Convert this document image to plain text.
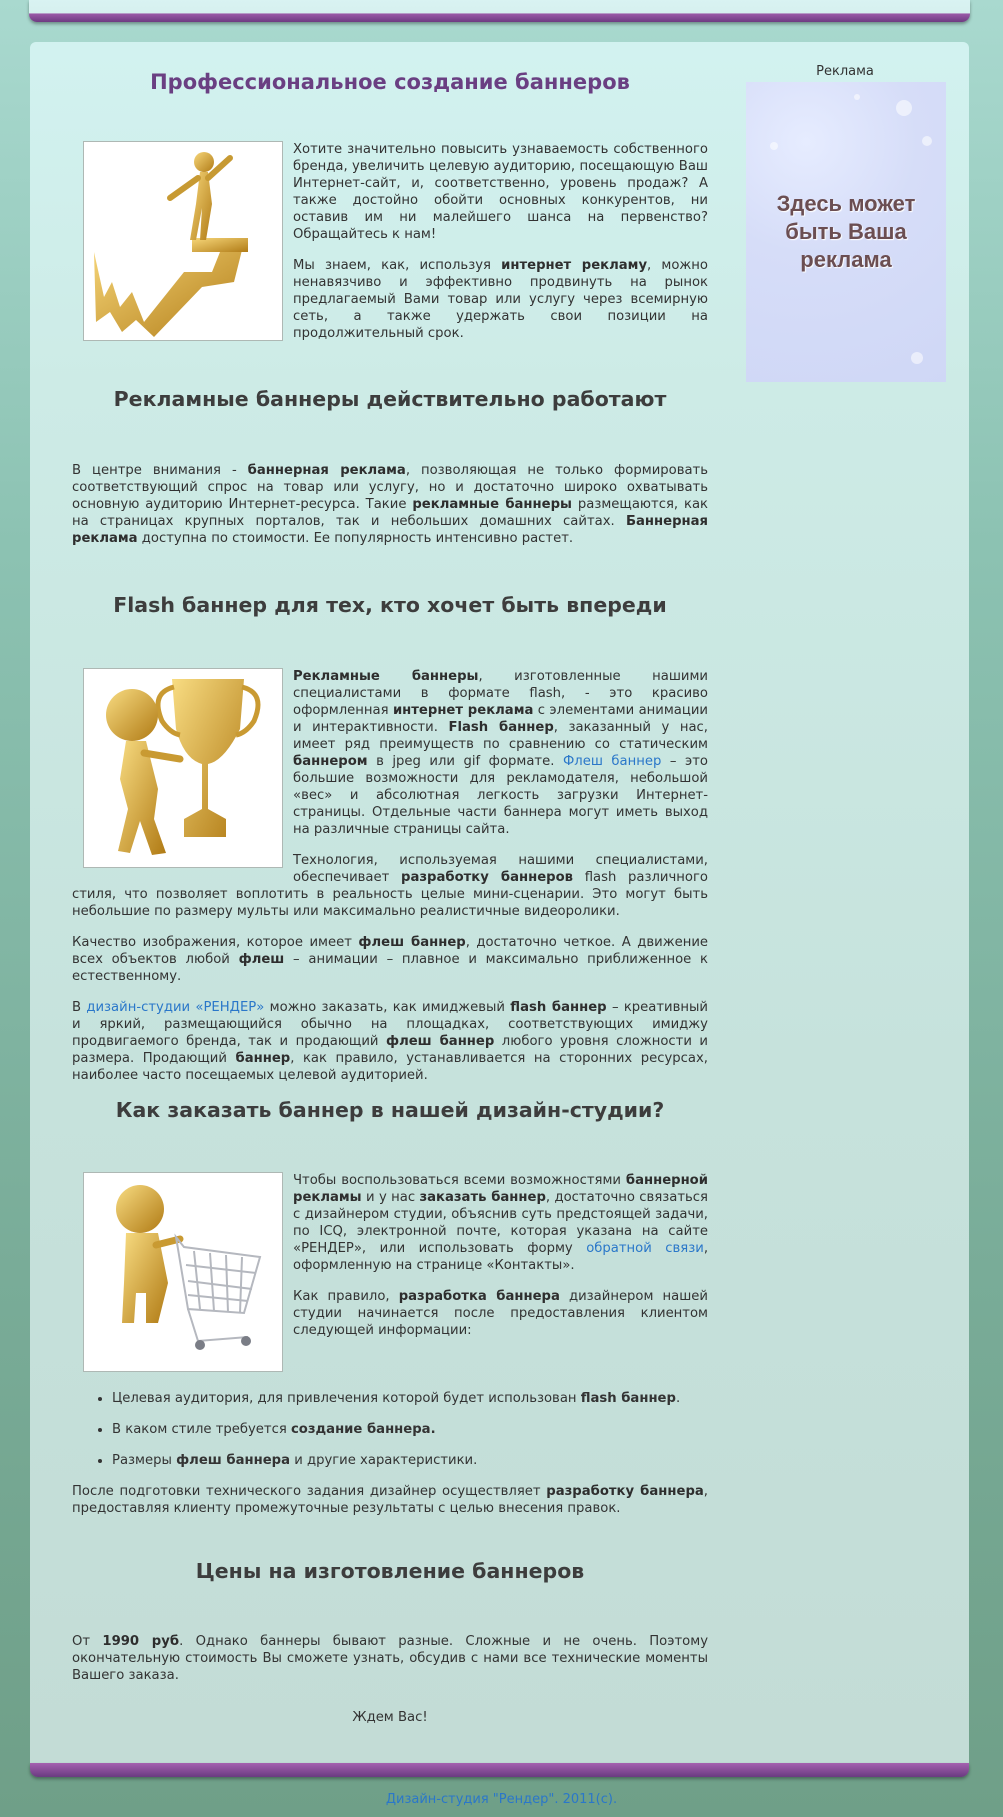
Реклама
Здесь может быть Ваша реклама
Профессиональное создание баннеров

Хотите значительно повысить узнаваемость собственного бренда, увеличить целевую аудиторию, посещающую Ваш Интернет-сайт, и, соответственно, уровень продаж? А также достойно обойти основных конкурентов, ни оставив им ни малейшего шанса на первенство? Обращайтесь к нам!

Мы знаем, как, используя интернет рекламу, можно ненавязчиво и эффективно продвинуть на рынок предлагаемый Вами товар или услугу через всемирную сеть, а также удержать свои позиции на продолжительный срок.

Рекламные баннеры действительно работают

В центре внимания - баннерная реклама, позволяющая не только формировать соответствующий спрос на товар или услугу, но и достаточно широко охватывать основную аудиторию Интернет-ресурса. Такие рекламные баннеры размещаются, как на страницах крупных порталов, так и небольших домашних сайтах. Баннерная реклама доступна по стоимости. Ее популярность интенсивно растет.

Flash баннер для тех, кто хочет быть впереди

Рекламные баннеры, изготовленные нашими специалистами в формате flash, - это красиво оформленная интернет реклама с элементами анимации и интерактивности. Flash баннер, заказанный у нас, имеет ряд преимуществ по сравнению со статическим баннером в jpeg или gif формате. Флеш баннер – это большие возможности для рекламодателя, небольшой «вес» и абсолютная легкость загрузки Интернет-страницы. Отдельные части баннера могут иметь выход на различные страницы сайта.

Технология, используемая нашими специалистами, обеспечивает разработку баннеров flash различного стиля, что позволяет воплотить в реальность целые мини-сценарии. Это могут быть небольшие по размеру мульты или максимально реалистичные видеоролики.

Качество изображения, которое имеет флеш баннер, достаточно четкое. А движение всех объектов любой флеш – анимации – плавное и максимально приближенное к естественному.

В дизайн-студии «РЕНДЕР» можно заказать, как имиджевый flash баннер – креативный и яркий, размещающийся обычно на площадках, соответствующих имиджу продвигаемого бренда, так и продающий флеш баннер любого уровня сложности и размера. Продающий баннер, как правило, устанавливается на сторонних ресурсах, наиболее часто посещаемых целевой аудиторией.

Как заказать баннер в нашей дизайн-студии?

Чтобы воспользоваться всеми возможностями баннерной рекламы и у нас заказать баннер, достаточно связаться с дизайнером студии, объяснив суть предстоящей задачи, по ICQ, электронной почте, которая указана на сайте «РЕНДЕР», или использовать форму обратной связи, оформленную на странице «Контакты».

Как правило, разработка баннера дизайнером нашей студии начинается после предоставления клиентом следующей информации:

• Целевая аудитория, для привлечения которой будет использован flash баннер.
• В каком стиле требуется создание баннера.
• Размеры флеш баннера и другие характеристики.

После подготовки технического задания дизайнер осуществляет разработку баннера, предоставляя клиенту промежуточные результаты с целью внесения правок.

Цены на изготовление баннеров

От 1990 руб. Однако баннеры бывают разные. Сложные и не очень. Поэтому окончательную стоимость Вы сможете узнать, обсудив с нами все технические моменты Вашего заказа.

Ждем Вас!
Дизайн-студия "Рендер". 2011(с).
